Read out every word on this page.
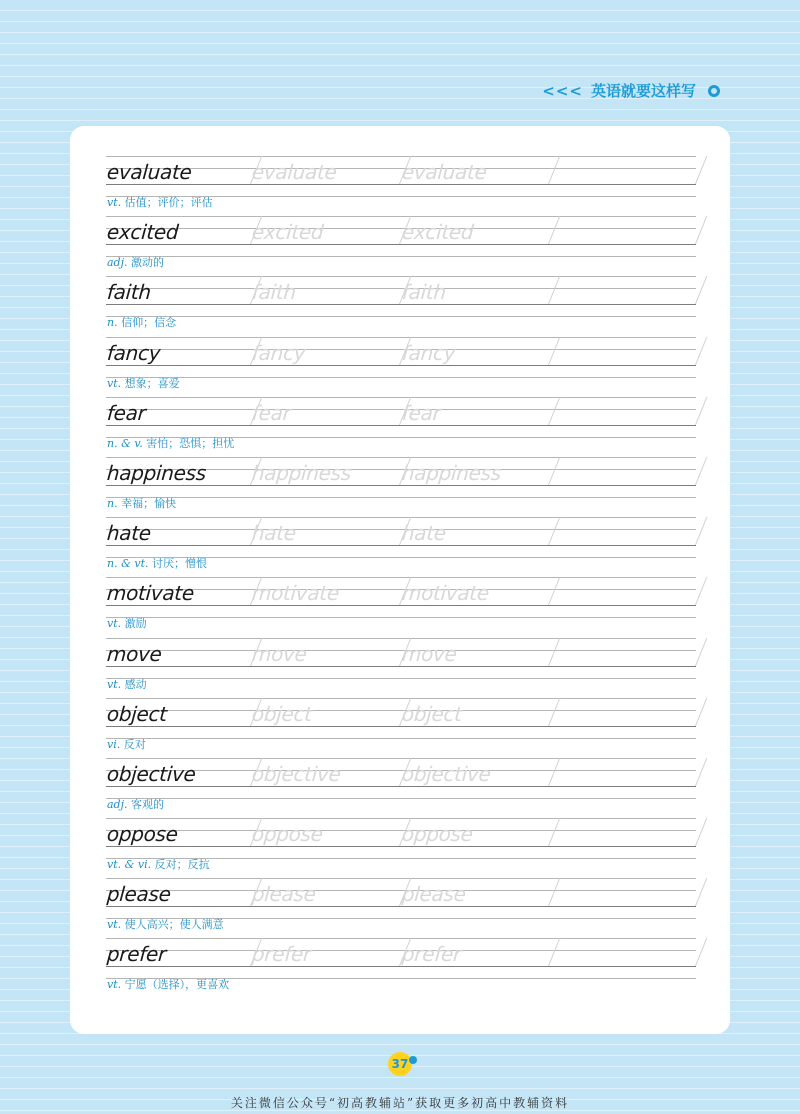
<<< 英语就要这样写
evaluate	evaluate	evaluate
vt. 估值；评价；评估
excited	excited	excited
adj. 激动的
faith	faith	faith
n. 信仰；信念
fancy	fancy	fancy
vt. 想象；喜爱
fear	fear	fear
n. & v. 害怕；恐惧；担忧
happiness happiness happiness
n. 幸福；愉快
hate	hate	hate
n. & vt. 讨厌；憎恨
motivate	motivate	motivate
vt. 激励
move	move	move
vt. 感动
object	object	object
vi. 反对
objective	objective	objective
adj. 客观的
oppose	oppose	oppose
vt. & vi. 反对；反抗
please	please	please
vt. 使人高兴；使人满意
prefer	prefer	prefer
vt. 宁愿（选择），更喜欢
37
关注微信公众号“初高教辅站”获取更多初高中教辅资料
